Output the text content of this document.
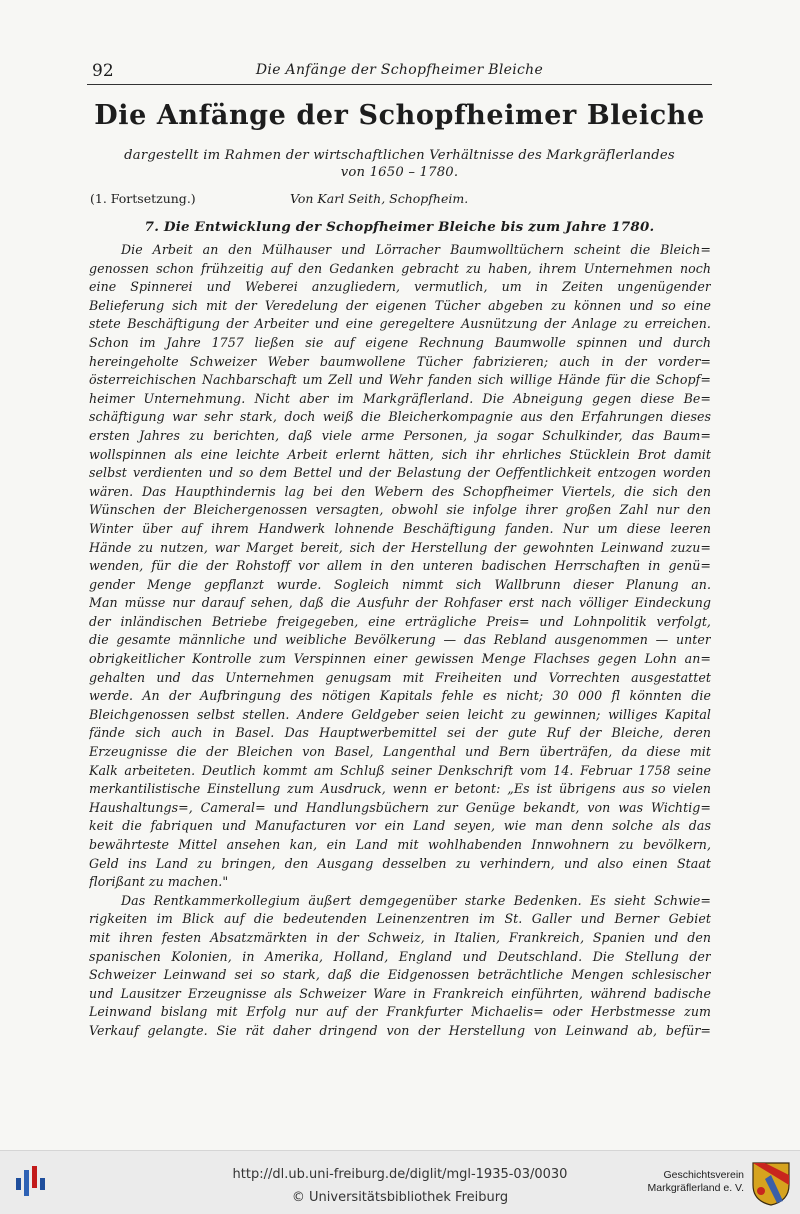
92	Die Anfänge der Schopfheimer Bleiche
Die Anfänge der Schopfheimer Bleiche
dargestellt im Rahmen der wirtschaftlichen Verhältnisse des Markgräflerlandes
von 1650 – 1780.
(1. Fortsetzung.)	Von Karl Seith, Schopfheim.
7. Die Entwicklung der Schopfheimer Bleiche bis zum Jahre 1780.
Die Arbeit an den Mülhauser und Lörracher Baumwolltüchern scheint die Bleich=
genossen schon frühzeitig auf den Gedanken gebracht zu haben, ihrem Unternehmen noch
eine Spinnerei und Weberei anzugliedern, vermutlich, um in Zeiten ungenügender
Belieferung sich mit der Veredelung der eigenen Tücher abgeben zu können und so eine
stete Beschäftigung der Arbeiter und eine geregeltere Ausnützung der Anlage zu erreichen.
Schon im Jahre 1757 ließen sie auf eigene Rechnung Baumwolle spinnen und durch
hereingeholte Schweizer Weber baumwollene Tücher fabrizieren; auch in der vorder=
österreichischen Nachbarschaft um Zell und Wehr fanden sich willige Hände für die Schopf=
heimer Unternehmung. Nicht aber im Markgräflerland. Die Abneigung gegen diese Be=
schäftigung war sehr stark, doch weiß die Bleicherkompagnie aus den Erfahrungen dieses
ersten Jahres zu berichten, daß viele arme Personen, ja sogar Schulkinder, das Baum=
wollspinnen als eine leichte Arbeit erlernt hätten, sich ihr ehrliches Stücklein Brot damit
selbst verdienten und so dem Bettel und der Belastung der Oeffentlichkeit entzogen worden
wären. Das Haupthindernis lag bei den Webern des Schopfheimer Viertels, die sich den
Wünschen der Bleichergenossen versagten, obwohl sie infolge ihrer großen Zahl nur den
Winter über auf ihrem Handwerk lohnende Beschäftigung fanden. Nur um diese leeren
Hände zu nutzen, war Marget bereit, sich der Herstellung der gewohnten Leinwand zuzu=
wenden, für die der Rohstoff vor allem in den unteren badischen Herrschaften in genü=
gender Menge gepflanzt wurde. Sogleich nimmt sich Wallbrunn dieser Planung an.
Man müsse nur darauf sehen, daß die Ausfuhr der Rohfaser erst nach völliger Eindeckung
der inländischen Betriebe freigegeben, eine erträgliche Preis= und Lohnpolitik verfolgt,
die gesamte männliche und weibliche Bevölkerung — das Rebland ausgenommen — unter
obrigkeitlicher Kontrolle zum Verspinnen einer gewissen Menge Flachses gegen Lohn an=
gehalten und das Unternehmen genugsam mit Freiheiten und Vorrechten ausgestattet
werde. An der Aufbringung des nötigen Kapitals fehle es nicht; 30 000 fl könnten die
Bleichgenossen selbst stellen. Andere Geldgeber seien leicht zu gewinnen; williges Kapital
fände sich auch in Basel. Das Hauptwerbemittel sei der gute Ruf der Bleiche, deren
Erzeugnisse die der Bleichen von Basel, Langenthal und Bern überträfen, da diese mit
Kalk arbeiteten. Deutlich kommt am Schluß seiner Denkschrift vom 14. Februar 1758 seine
merkantilistische Einstellung zum Ausdruck, wenn er betont: „Es ist übrigens aus so vielen
Haushaltungs=, Cameral= und Handlungsbüchern zur Genüge bekandt, von was Wichtig=
keit die fabriquen und Manufacturen vor ein Land seyen, wie man denn solche als das
bewährteste Mittel ansehen kan, ein Land mit wohlhabenden Innwohnern zu bevölkern,
Geld ins Land zu bringen, den Ausgang desselben zu verhindern, und also einen Staat
florißant zu machen."
Das Rentkammerkollegium äußert demgegenüber starke Bedenken. Es sieht Schwie=
rigkeiten im Blick auf die bedeutenden Leinenzentren im St. Galler und Berner Gebiet
mit ihren festen Absatzmärkten in der Schweiz, in Italien, Frankreich, Spanien und den
spanischen Kolonien, in Amerika, Holland, England und Deutschland. Die Stellung der
Schweizer Leinwand sei so stark, daß die Eidgenossen beträchtliche Mengen schlesischer
und Lausitzer Erzeugnisse als Schweizer Ware in Frankreich einführten, während badische
Leinwand bislang mit Erfolg nur auf der Frankfurter Michaelis= oder Herbstmesse zum
Verkauf gelangte. Sie rät daher dringend von der Herstellung von Leinwand ab, befür=
http://dl.ub.uni-freiburg.de/diglit/mgl-1935-03/0030
© Universitätsbibliothek Freiburg
Geschichtsverein
Markgräflerland e. V.
